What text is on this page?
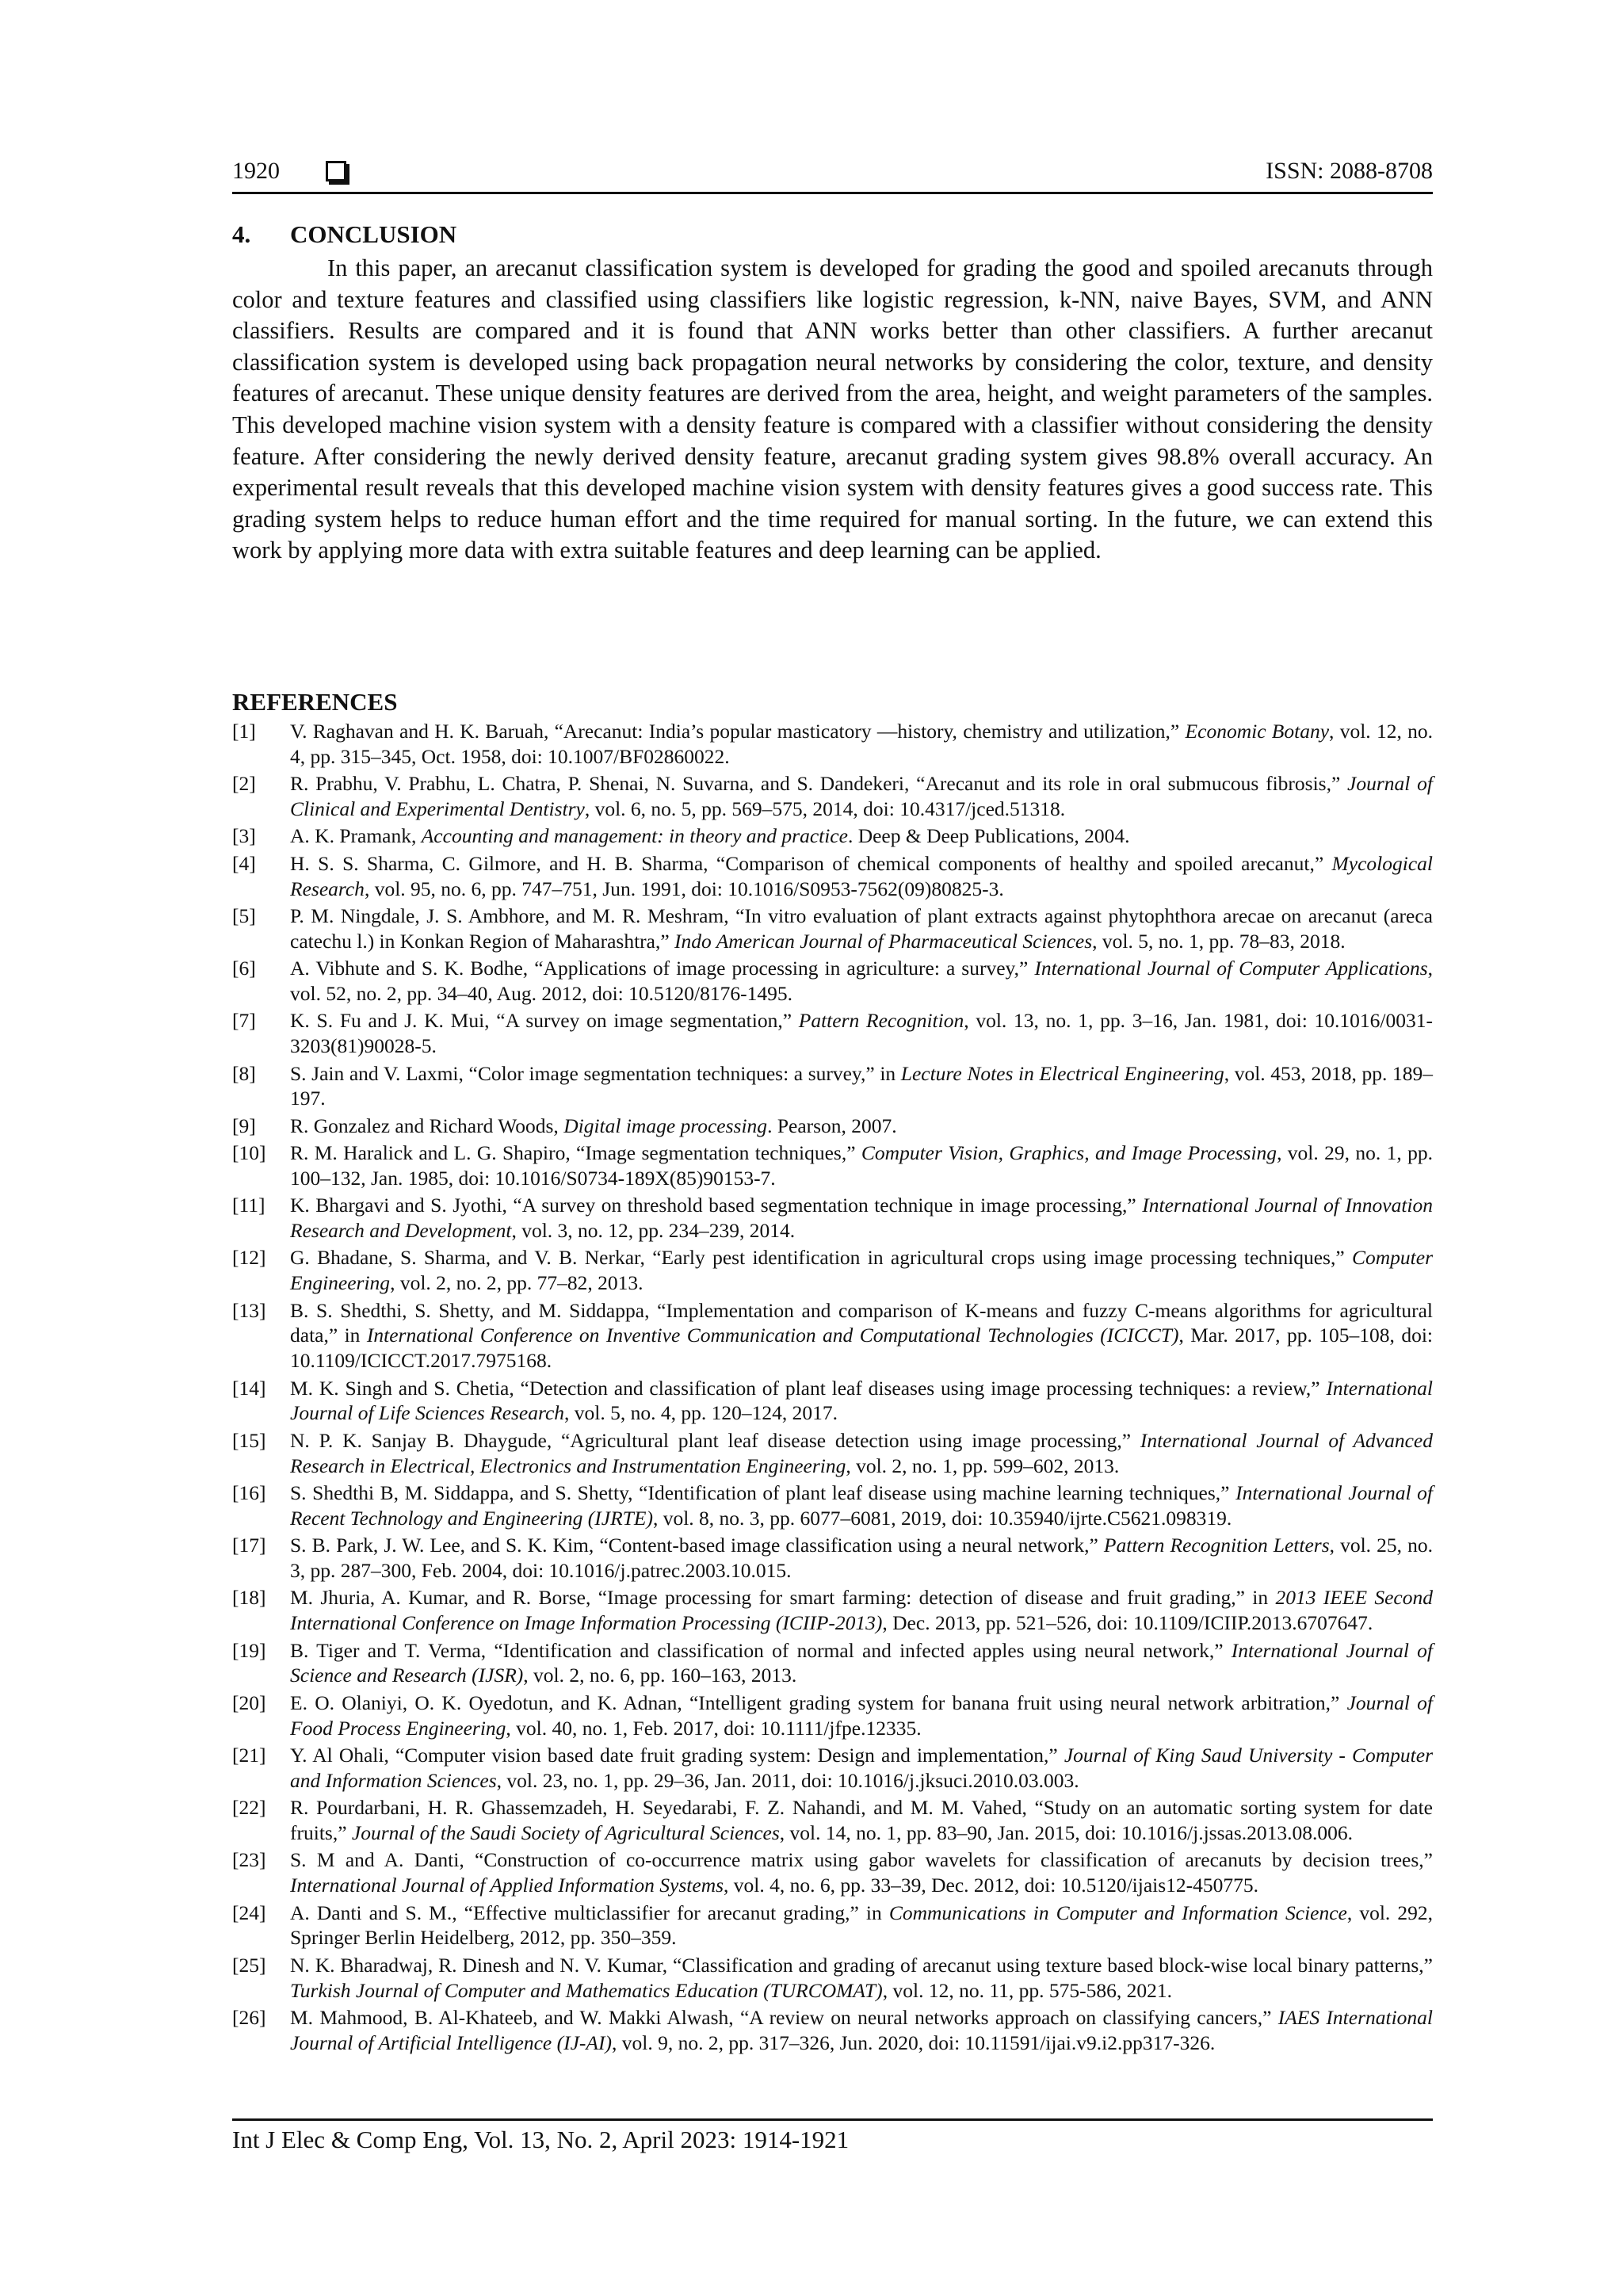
1920	ISSN: 2088-8708
4. CONCLUSION

In this paper, an arecanut classification system is developed for grading the good and spoiled arecanuts through color and texture features and classified using classifiers like logistic regression, k-NN, naive Bayes, SVM, and ANN classifiers. Results are compared and it is found that ANN works better than other classifiers. A further arecanut classification system is developed using back propagation neural networks by considering the color, texture, and density features of arecanut. These unique density features are derived from the area, height, and weight parameters of the samples. This developed machine vision system with a density feature is compared with a classifier without considering the density feature. After considering the newly derived density feature, arecanut grading system gives 98.8% overall accuracy. An experimental result reveals that this developed machine vision system with density features gives a good success rate. This grading system helps to reduce human effort and the time required for manual sorting. In the future, we can extend this work by applying more data with extra suitable features and deep learning can be applied.

REFERENCES
[1] V. Raghavan and H. K. Baruah, “Arecanut: India’s popular masticatory —history, chemistry and utilization,” Economic Botany, vol. 12, no. 4, pp. 315–345, Oct. 1958, doi: 10.1007/BF02860022.
[2] R. Prabhu, V. Prabhu, L. Chatra, P. Shenai, N. Suvarna, and S. Dandekeri, “Arecanut and its role in oral submucous fibrosis,” Journal of Clinical and Experimental Dentistry, vol. 6, no. 5, pp. 569–575, 2014, doi: 10.4317/jced.51318.
[3] A. K. Pramank, Accounting and management: in theory and practice. Deep & Deep Publications, 2004.
[4] H. S. S. Sharma, C. Gilmore, and H. B. Sharma, “Comparison of chemical components of healthy and spoiled arecanut,” Mycological Research, vol. 95, no. 6, pp. 747–751, Jun. 1991, doi: 10.1016/S0953-7562(09)80825-3.
[5] P. M. Ningdale, J. S. Ambhore, and M. R. Meshram, “In vitro evaluation of plant extracts against phytophthora arecae on arecanut (areca catechu l.) in Konkan Region of Maharashtra,” Indo American Journal of Pharmaceutical Sciences, vol. 5, no. 1, pp. 78–83, 2018.
[6] A. Vibhute and S. K. Bodhe, “Applications of image processing in agriculture: a survey,” International Journal of Computer Applications, vol. 52, no. 2, pp. 34–40, Aug. 2012, doi: 10.5120/8176-1495.
[7] K. S. Fu and J. K. Mui, “A survey on image segmentation,” Pattern Recognition, vol. 13, no. 1, pp. 3–16, Jan. 1981, doi: 10.1016/0031-3203(81)90028-5.
[8] S. Jain and V. Laxmi, “Color image segmentation techniques: a survey,” in Lecture Notes in Electrical Engineering, vol. 453, 2018, pp. 189–197.
[9] R. Gonzalez and Richard Woods, Digital image processing. Pearson, 2007.
[10] R. M. Haralick and L. G. Shapiro, “Image segmentation techniques,” Computer Vision, Graphics, and Image Processing, vol. 29, no. 1, pp. 100–132, Jan. 1985, doi: 10.1016/S0734-189X(85)90153-7.
[11] K. Bhargavi and S. Jyothi, “A survey on threshold based segmentation technique in image processing,” International Journal of Innovation Research and Development, vol. 3, no. 12, pp. 234–239, 2014.
[12] G. Bhadane, S. Sharma, and V. B. Nerkar, “Early pest identification in agricultural crops using image processing techniques,” Computer Engineering, vol. 2, no. 2, pp. 77–82, 2013.
[13] B. S. Shedthi, S. Shetty, and M. Siddappa, “Implementation and comparison of K-means and fuzzy C-means algorithms for agricultural data,” in International Conference on Inventive Communication and Computational Technologies (ICICCT), Mar. 2017, pp. 105–108, doi: 10.1109/ICICCT.2017.7975168.
[14] M. K. Singh and S. Chetia, “Detection and classification of plant leaf diseases using image processing techniques: a review,” International Journal of Life Sciences Research, vol. 5, no. 4, pp. 120–124, 2017.
[15] N. P. K. Sanjay B. Dhaygude, “Agricultural plant leaf disease detection using image processing,” International Journal of Advanced Research in Electrical, Electronics and Instrumentation Engineering, vol. 2, no. 1, pp. 599–602, 2013.
[16] S. Shedthi B, M. Siddappa, and S. Shetty, “Identification of plant leaf disease using machine learning techniques,” International Journal of Recent Technology and Engineering (IJRTE), vol. 8, no. 3, pp. 6077–6081, 2019, doi: 10.35940/ijrte.C5621.098319.
[17] S. B. Park, J. W. Lee, and S. K. Kim, “Content-based image classification using a neural network,” Pattern Recognition Letters, vol. 25, no. 3, pp. 287–300, Feb. 2004, doi: 10.1016/j.patrec.2003.10.015.
[18] M. Jhuria, A. Kumar, and R. Borse, “Image processing for smart farming: detection of disease and fruit grading,” in 2013 IEEE Second International Conference on Image Information Processing (ICIIP-2013), Dec. 2013, pp. 521–526, doi: 10.1109/ICIIP.2013.6707647.
[19] B. Tiger and T. Verma, “Identification and classification of normal and infected apples using neural network,” International Journal of Science and Research (IJSR), vol. 2, no. 6, pp. 160–163, 2013.
[20] E. O. Olaniyi, O. K. Oyedotun, and K. Adnan, “Intelligent grading system for banana fruit using neural network arbitration,” Journal of Food Process Engineering, vol. 40, no. 1, Feb. 2017, doi: 10.1111/jfpe.12335.
[21] Y. Al Ohali, “Computer vision based date fruit grading system: Design and implementation,” Journal of King Saud University - Computer and Information Sciences, vol. 23, no. 1, pp. 29–36, Jan. 2011, doi: 10.1016/j.jksuci.2010.03.003.
[22] R. Pourdarbani, H. R. Ghassemzadeh, H. Seyedarabi, F. Z. Nahandi, and M. M. Vahed, “Study on an automatic sorting system for date fruits,” Journal of the Saudi Society of Agricultural Sciences, vol. 14, no. 1, pp. 83–90, Jan. 2015, doi: 10.1016/j.jssas.2013.08.006.
[23] S. M and A. Danti, “Construction of co-occurrence matrix using gabor wavelets for classification of arecanuts by decision trees,” International Journal of Applied Information Systems, vol. 4, no. 6, pp. 33–39, Dec. 2012, doi: 10.5120/ijais12-450775.
[24] A. Danti and S. M., “Effective multiclassifier for arecanut grading,” in Communications in Computer and Information Science, vol. 292, Springer Berlin Heidelberg, 2012, pp. 350–359.
[25] N. K. Bharadwaj, R. Dinesh and N. V. Kumar, “Classification and grading of arecanut using texture based block-wise local binary patterns,” Turkish Journal of Computer and Mathematics Education (TURCOMAT), vol. 12, no. 11, pp. 575-586, 2021.
[26] M. Mahmood, B. Al-Khateeb, and W. Makki Alwash, “A review on neural networks approach on classifying cancers,” IAES International Journal of Artificial Intelligence (IJ-AI), vol. 9, no. 2, pp. 317–326, Jun. 2020, doi: 10.11591/ijai.v9.i2.pp317-326.
Int J Elec & Comp Eng, Vol. 13, No. 2, April 2023: 1914-1921
